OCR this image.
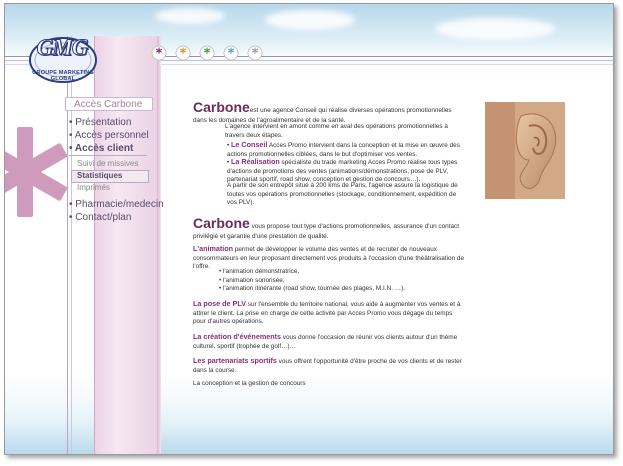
GMG
GROUPE MARKETING GLOBAL
* * * * *
Accès Carbone
• Présentation
• Accès personnel
• Accès client
Suivi de missives
Statistiques
Imprimés
• Pharmacie/medecin
• Contact/plan
Carboneest une agence Conseil qui réalise diverses opérations promotionnelles dans les domaines de l'agroalimentaire et de la santé.
L'agence intervient en amont comme en aval des opérations promotionnelles à travers deux étapes.
• Le Conseil Acces Promo intervient dans la conception et la mise en œuvre des actions promotionnelles ciblées, dans le but d'optimiser vos ventes.
• La Réalisation spécialiste du trade marketing Acces Promo réalise tous types d'actions de promotions des ventes (animations/démonstrations, pose de PLV, partenariat sportif, road show, conception et gestion de concours…).
A partir de son entrepôt situé à 200 kms de Paris, l'agence assure la logistique de toutes vos opérations promotionnelles (stockage, conditionnement, expédition de vos PLV).
Carbone vous propose tout type d'actions promotionnelles, assurance d'un contact privilégié et garantie d'une prestation de qualité.
L'animation permet de développer le volume des ventes et de recruter de nouveaux consommateurs en leur proposant directement vos produits à l'occasion d'une théâtralisation de l'offre.
• l'animation démonstratrice,
• l'animation sonorisée,
• l'animation itinérante (road show, tournée des plages, M.I.N. …).
La pose de PLV sur l'ensemble du territoire national, vous aide à augmenter vos ventes et à attirer le client. La prise en charge de cette activité par Acces Promo vous dégage du temps pour d'autres opérations.
La création d'événements vous donne l'occasion de réunir vos clients autour d'un thème culturel, sportif (trophée de golf…)…
Les partenariats sportifs vous offrent l'opportunité d'être proche de vos clients et de rester dans la course.
La conception et la gestion de concours
